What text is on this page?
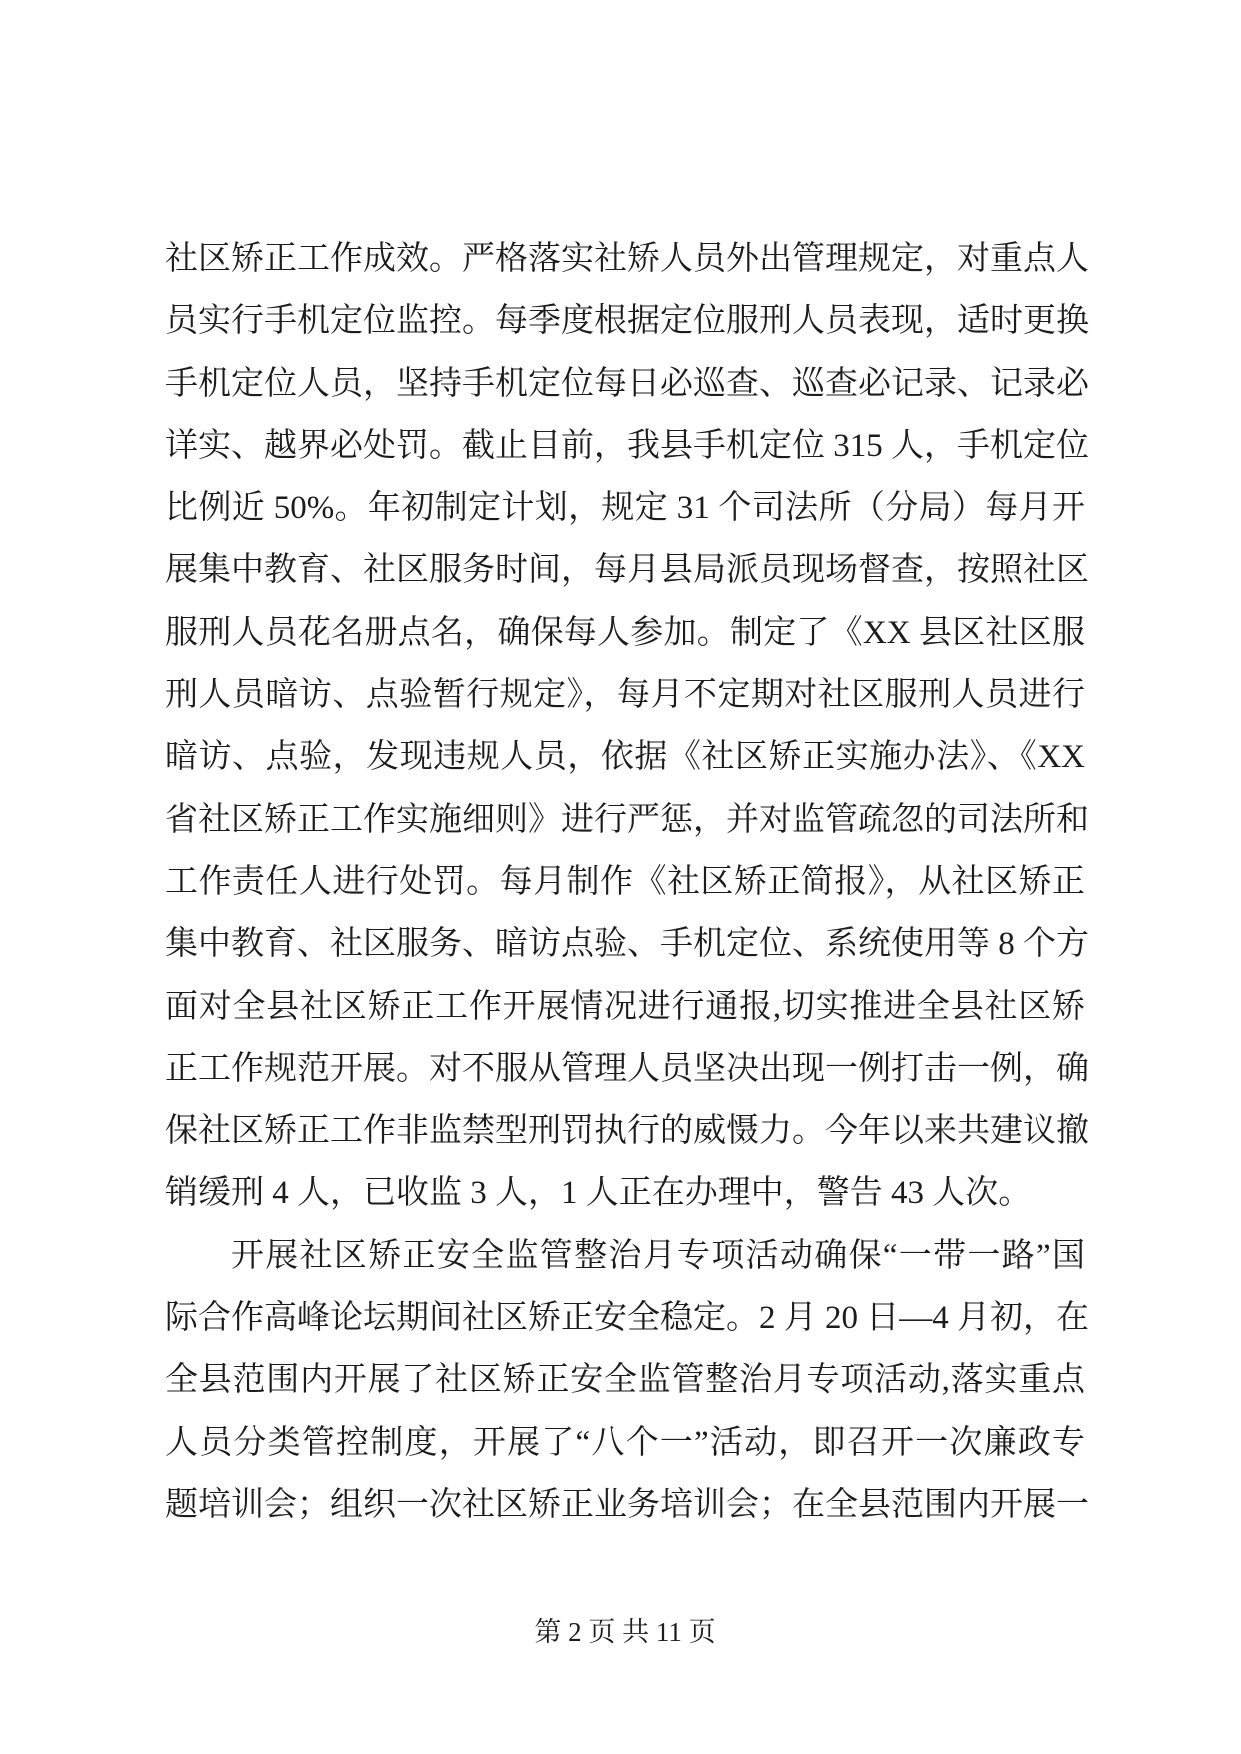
社区矫正工作成效。严格落实社矫人员外出管理规定，对重点人
员实行手机定位监控。每季度根据定位服刑人员表现，适时更换
手机定位人员，坚持手机定位每日必巡查、巡查必记录、记录必
详实、越界必处罚。截止目前，我县手机定位 315 人，手机定位
比例近 50%。年初制定计划，规定 31 个司法所（分局）每月开
展集中教育、社区服务时间，每月县局派员现场督查，按照社区
服刑人员花名册点名，确保每人参加。制定了《XX 县区社区服
刑人员暗访、点验暂行规定》，每月不定期对社区服刑人员进行
暗访、点验，发现违规人员，依据《社区矫正实施办法》、《XX
省社区矫正工作实施细则》进行严惩，并对监管疏忽的司法所和
工作责任人进行处罚。每月制作《社区矫正简报》，从社区矫正
集中教育、社区服务、暗访点验、手机定位、系统使用等 8 个方
面对全县社区矫正工作开展情况进行通报,切实推进全县社区矫
正工作规范开展。对不服从管理人员坚决出现一例打击一例，确
保社区矫正工作非监禁型刑罚执行的威慑力。今年以来共建议撤
销缓刑 4 人，已收监 3 人，1 人正在办理中，警告 43 人次。
开展社区矫正安全监管整治月专项活动确保“一带一路”国
际合作高峰论坛期间社区矫正安全稳定。2 月 20 日—4 月初，在
全县范围内开展了社区矫正安全监管整治月专项活动,落实重点
人员分类管控制度，开展了“八个一”活动，即召开一次廉政专
题培训会；组织一次社区矫正业务培训会；在全县范围内开展一
第 2 页 共 11 页
